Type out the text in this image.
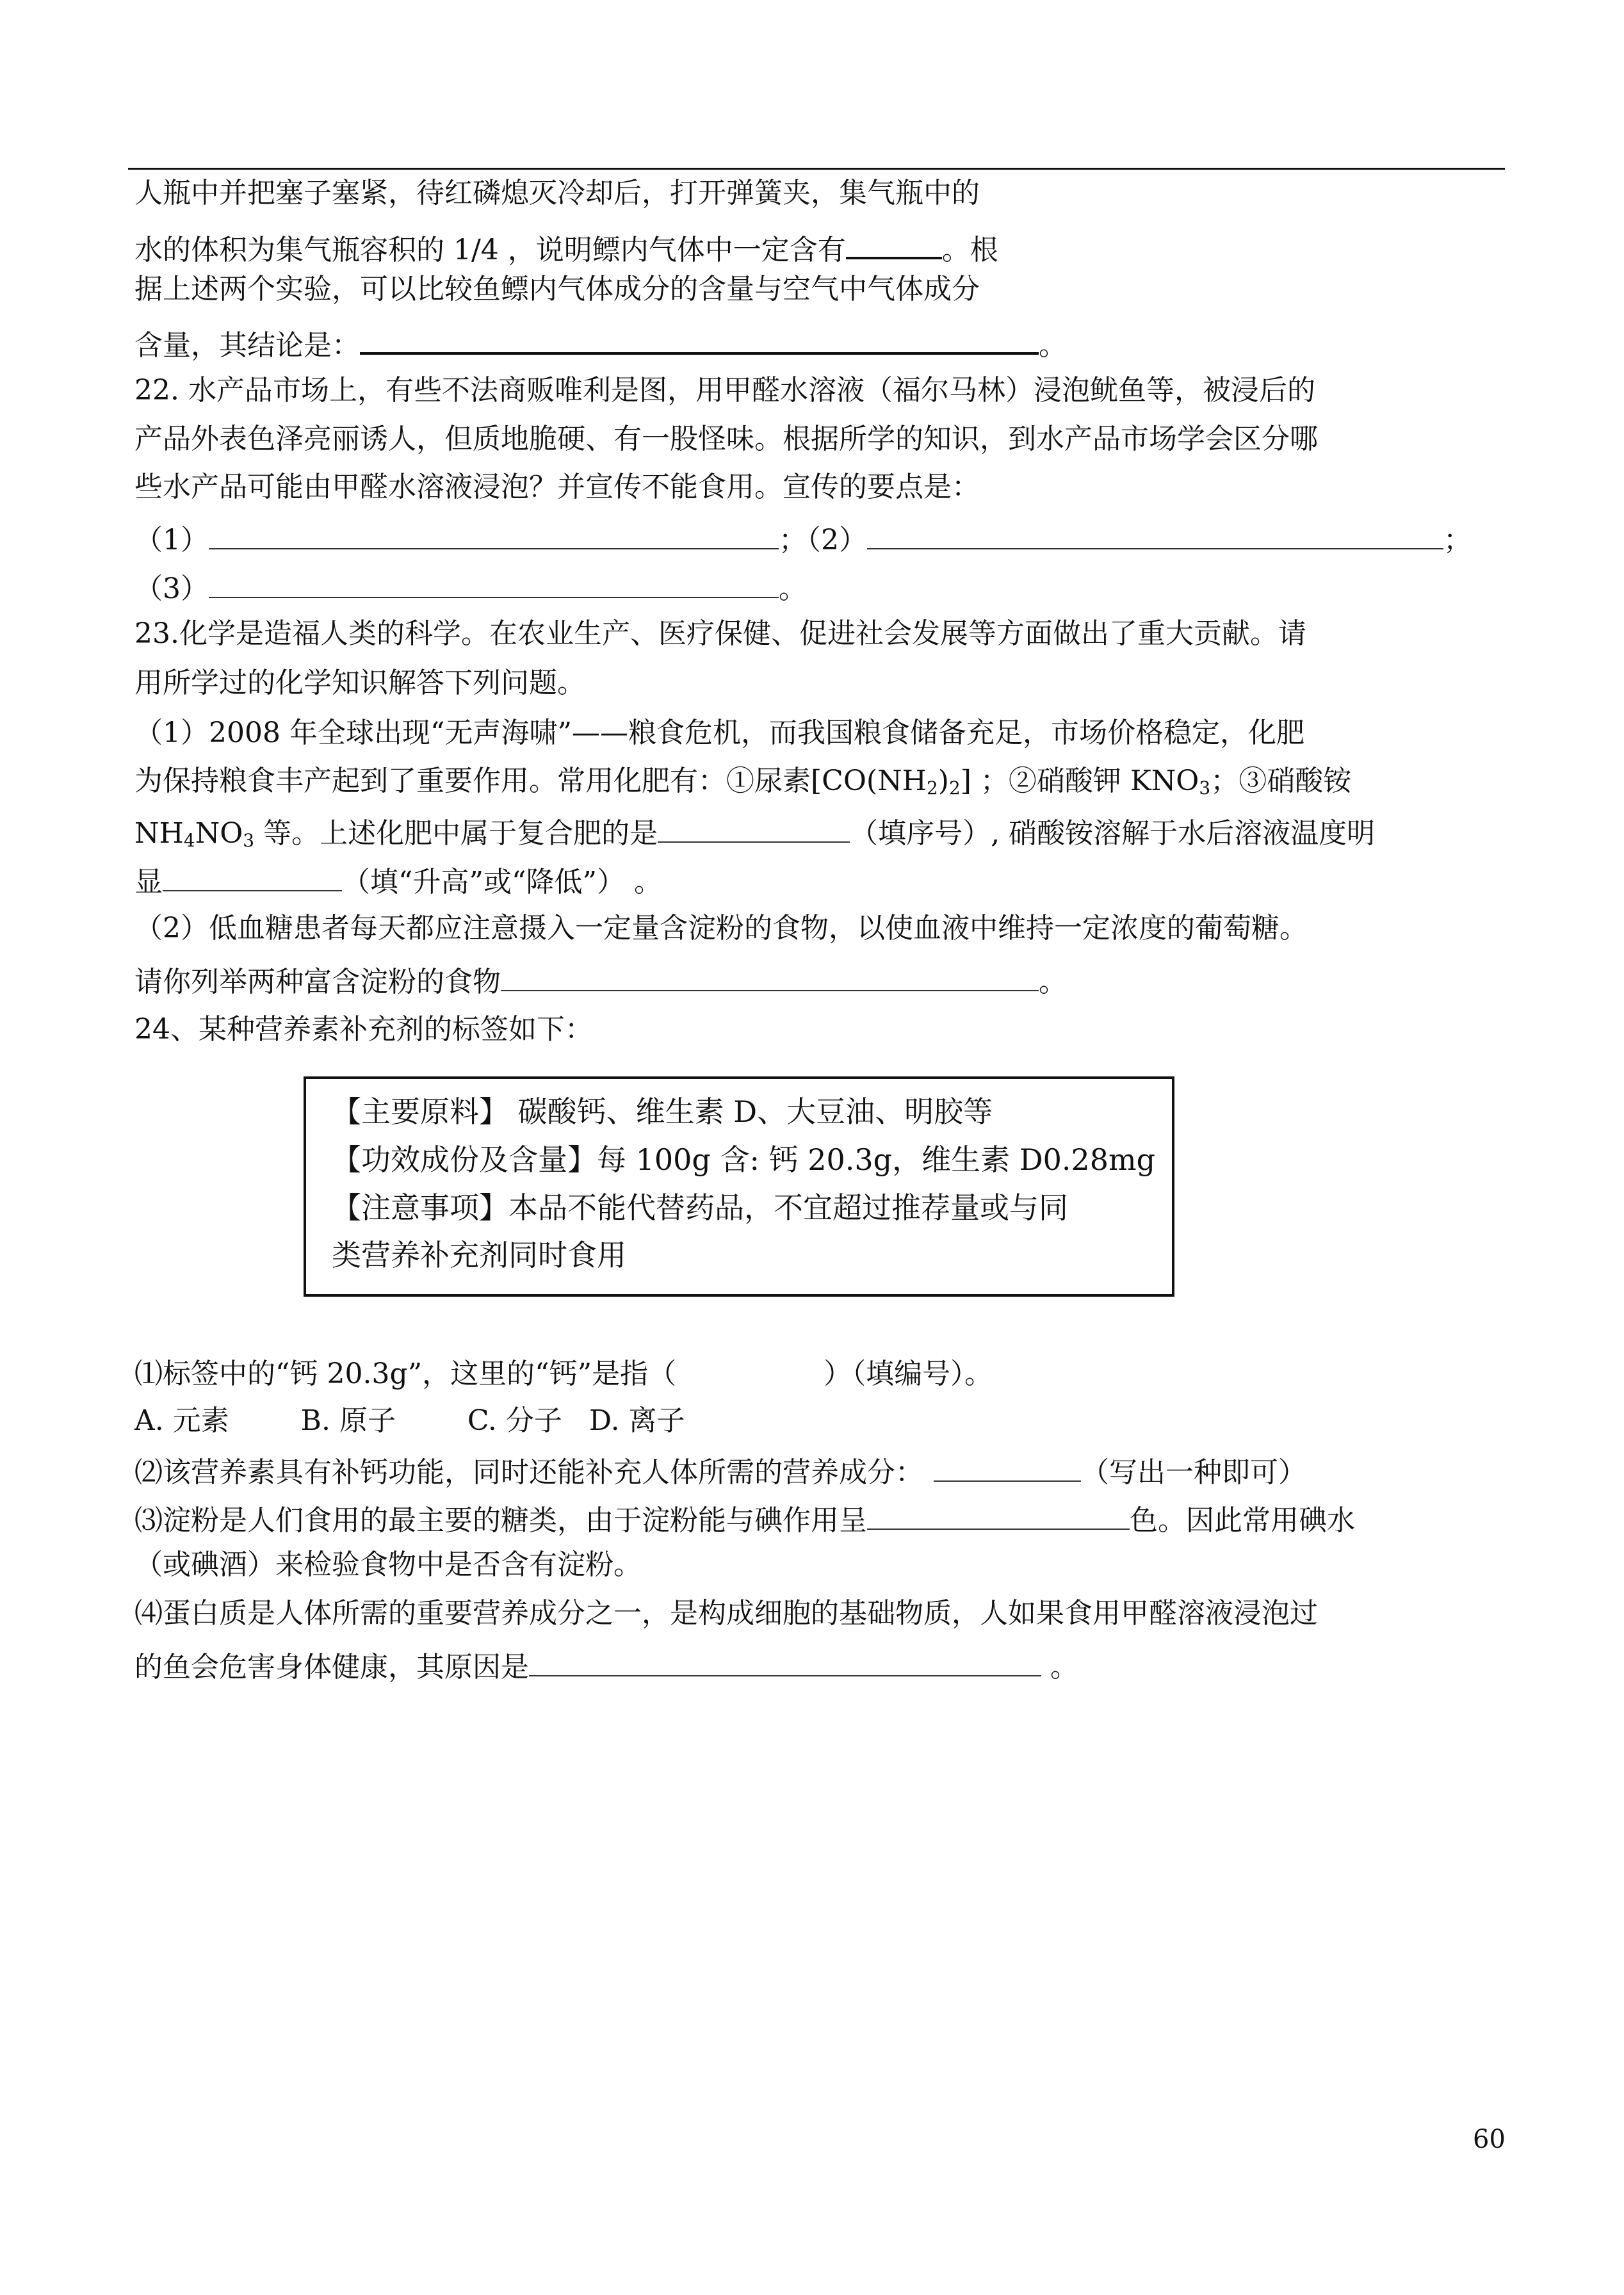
人瓶中并把塞子塞紧，待红磷熄灭冷却后，打开弹簧夹，集气瓶中的
水的体积为集气瓶容积的 1/4 ，说明鳔内气体中一定含有	。根
据上述两个实验，可以比较鱼鳔内气体成分的含量与空气中气体成分
含量，其结论是：	。
22. 水产品市场上，有些不法商贩唯利是图，用甲醛水溶液（福尔马林）浸泡鱿鱼等，被浸后的
产品外表色泽亮丽诱人，但质地脆硬、有一股怪味。根据所学的知识，到水产品市场学会区分哪
些水产品可能由甲醛水溶液浸泡？并宣传不能食用。宣传的要点是：
（1）	；（2）	；
（3）	。
23.化学是造福人类的科学。在农业生产、医疗保健、促进社会发展等方面做出了重大贡献。请
用所学过的化学知识解答下列问题。
（1）2008 年全球出现“无声海啸”——粮食危机，而我国粮食储备充足，市场价格稳定，化肥
为保持粮食丰产起到了重要作用。常用化肥有：①尿素$[CO(NH_2)_2]$ ；②硝酸钾 $KNO_3$；③硝酸铵
$NH_4NO_3$ 等。上述化肥中属于复合肥的是	（填序号）, 硝酸铵溶解于水后溶液温度明
显	（填“升高”或“降低”） 。
（2）低血糖患者每天都应注意摄入一定量含淀粉的食物，以使血液中维持一定浓度的葡萄糖。
请你列举两种富含淀粉的食物	。
24、某种营养素补充剂的标签如下：
【主要原料】 碳酸钙、维生素 D、大豆油、明胶等
【功效成份及含量】每 100g 含: 钙 20.3g，维生素 D0.28mg
【注意事项】本品不能代替药品，不宜超过推荐量或与同
类营养补充剂同时食用
⑴标签中的“钙 20.3g”，这里的“钙”是指（	）（填编号）。
A. 元素        B. 原子        C. 分子   D. 离子
⑵该营养素具有补钙功能，同时还能补充人体所需的营养成分：	（写出一种即可）
⑶淀粉是人们食用的最主要的糖类，由于淀粉能与碘作用呈	色。因此常用碘水
（或碘酒）来检验食物中是否含有淀粉。
⑷蛋白质是人体所需的重要营养成分之一，是构成细胞的基础物质，人如果食用甲醛溶液浸泡过
的鱼会危害身体健康，其原因是	。
60
